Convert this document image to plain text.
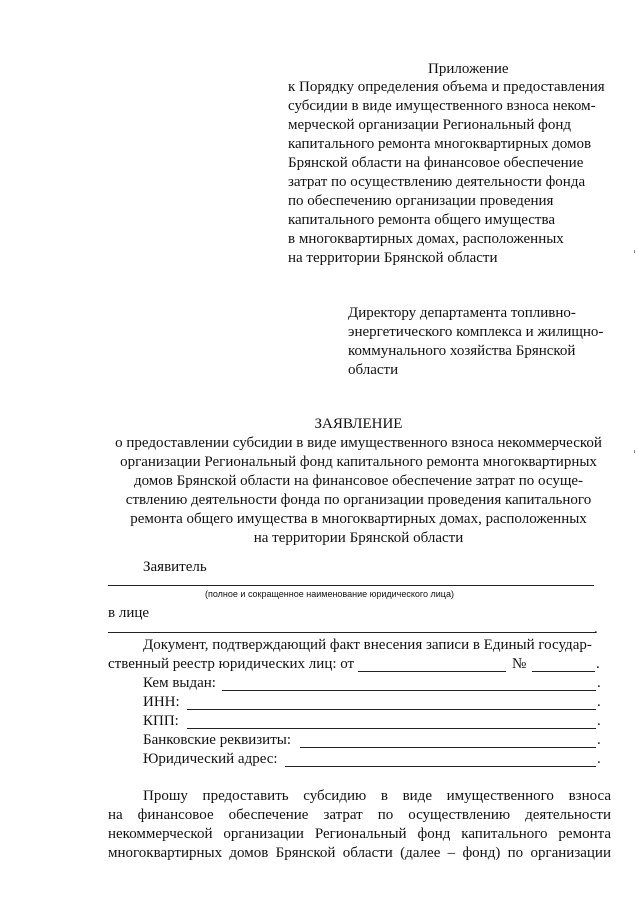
Приложение
к Порядку определения объема и предоставления
субсидии в виде имущественного взноса неком-
мерческой организации Региональный фонд
капитального ремонта многоквартирных домов
Брянской области на финансовое обеспечение
затрат по осуществлению деятельности фонда
по обеспечению организации проведения
капитального ремонта общего имущества
в многоквартирных домах, расположенных
на территории Брянской области
Директору департамента топливно-
энергетического комплекса и жилищно-
коммунального хозяйства Брянской
области
ЗАЯВЛЕНИЕ
о предоставлении субсидии в виде имущественного взноса некоммерческой
организации Региональный фонд капитального ремонта многоквартирных
домов Брянской области на финансовое обеспечение затрат по осуще-
ствлению деятельности фонда по организации проведения капитального
ремонта общего имущества в многоквартирных домах, расположенных
на территории Брянской области
Заявитель
(полное и сокращенное наименование юридического лица)
в лице
.
Документ, подтверждающий факт внесения записи в Единый государ-
ственный реестр юридических лиц: от	№	.
Кем выдан:	.
ИНН:	.
КПП:	.
Банковские реквизиты:	.
Юридический адрес:	.
Прошу предоставить субсидию в виде имущественного взноса
на финансовое обеспечение затрат по осуществлению деятельности
некоммерческой организации Региональный фонд капитального ремонта
многоквартирных домов Брянской области (далее – фонд) по организации
